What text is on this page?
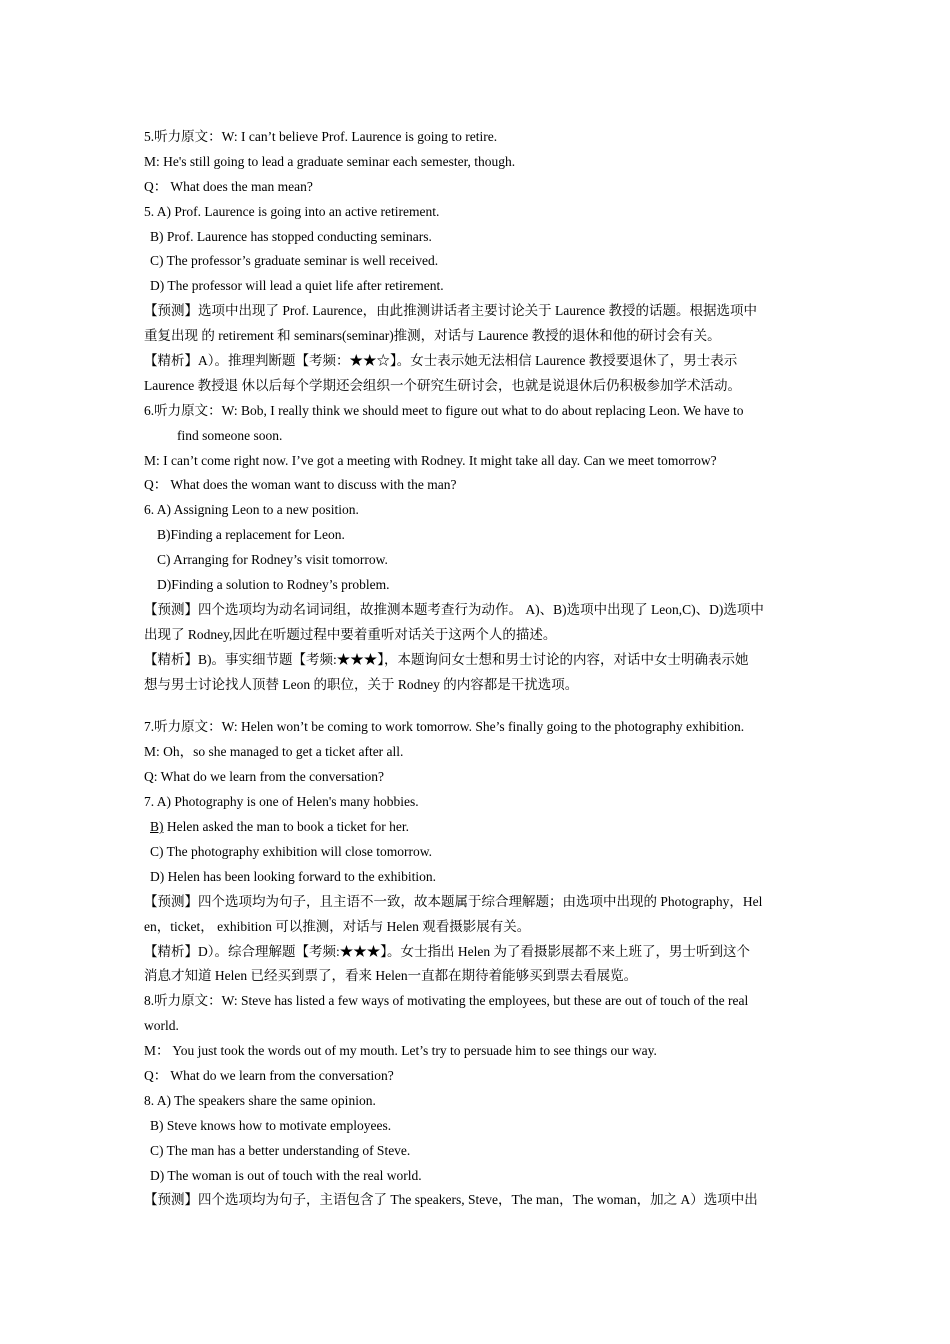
5.听力原文：W: I can’t believe Prof. Laurence is going to retire.
M: He's still going to lead a graduate seminar each semester, though.
Q： What does the man mean?
5. A) Prof. Laurence is going into an active retirement.
B) Prof. Laurence has stopped conducting seminars.
C) The professor’s graduate seminar is well received.
D) The professor will lead a quiet life after retirement.
【预测】选项中出现了 Prof. Laurence，由此推测讲话者主要讨论关于 Laurence 教授的话题。根据选项中
重复出现 的 retirement 和 seminars(seminar)推测，对话与 Laurence 教授的退休和他的研讨会有关。
【精析】A）。推理判断题【考频：★★☆】。女士表示她无法相信 Laurence 教授要退休了，男士表示
Laurence 教授退 休以后每个学期还会组织一个研究生研讨会，也就是说退休后仍积极参加学术活动。
6.听力原文：W: Bob, I really think we should meet to figure out what to do about replacing Leon. We have to
find someone soon.
M: I can’t come right now. I’ve got a meeting with Rodney. It might take all day. Can we meet tomorrow?
Q： What does the woman want to discuss with the man?
6. A) Assigning Leon to a new position.
B)Finding a replacement for Leon.
C) Arranging for Rodney’s visit tomorrow.
D)Finding a solution to Rodney’s problem.
【预测】四个选项均为动名词词组，故推测本题考查行为动作。 A)、B)选项中出现了 Leon,C)、D)选项中
出现了 Rodney,因此在听题过程中要着重听对话关于这两个人的描述。
【精析】B)。事实细节题【考频:★★★】，本题询问女士想和男士讨论的内容，对话中女士明确表示她
想与男士讨论找人顶替 Leon 的职位，关于 Rodney 的内容都是干扰选项。
7.听力原文：W: Helen won’t be coming to work tomorrow. She’s finally going to the photography exhibition.
M: Oh，so she managed to get a ticket after all.
Q: What do we learn from the conversation?
7. A) Photography is one of Helen's many hobbies.
B) Helen asked the man to book a ticket for her.
C) The photography exhibition will close tomorrow.
D) Helen has been looking forward to the exhibition.
【预测】四个选项均为句子，且主语不一致，故本题属于综合理解题；由选项中出现的 Photography，Hel
en，ticket， exhibition 可以推测，对话与 Helen 观看摄影展有关。
【精析】D）。综合理解题【考频:★★★】。女士指出 Helen 为了看摄影展都不来上班了，男士听到这个
消息才知道 Helen 已经买到票了，看来 Helen一直都在期待着能够买到票去看展览。
8.听力原文：W: Steve has listed a few ways of motivating the employees, but these are out of touch of the real
world.
M： You just took the words out of my mouth. Let’s try to persuade him to see things our way.
Q： What do we learn from the conversation?
8. A) The speakers share the same opinion.
B) Steve knows how to motivate employees.
C) The man has a better understanding of Steve.
D) The woman is out of touch with the real world.
【预测】四个选项均为句子，主语包含了 The speakers, Steve，The man，The woman，加之 A）选项中出
